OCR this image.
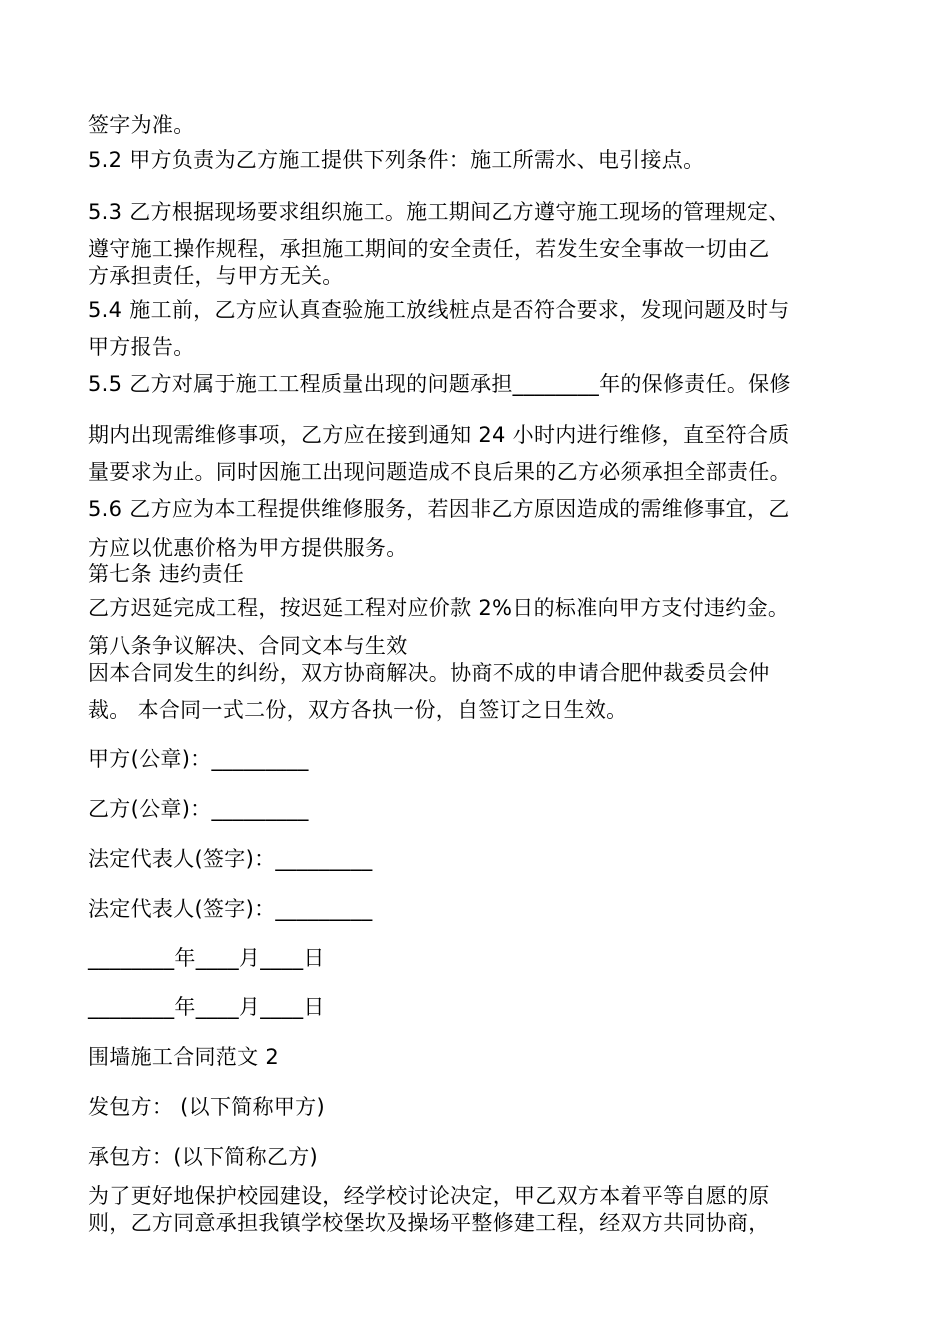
签字为准。

5.2 甲方负责为乙方施工提供下列条件：施工所需水、电引接点。

5.3 乙方根据现场要求组织施工。施工期间乙方遵守施工现场的管理规定、

遵守施工操作规程，承担施工期间的安全责任，若发生安全事故一切由乙

方承担责任，与甲方无关。

5.4 施工前，乙方应认真查验施工放线桩点是否符合要求，发现问题及时与

甲方报告。

5.5 乙方对属于施工工程质量出现的问题承担________年的保修责任。保修

期内出现需维修事项，乙方应在接到通知 24 小时内进行维修，直至符合质

量要求为止。同时因施工出现问题造成不良后果的乙方必须承担全部责任。

5.6 乙方应为本工程提供维修服务，若因非乙方原因造成的需维修事宜，乙

方应以优惠价格为甲方提供服务。

第七条 违约责任

乙方迟延完成工程，按迟延工程对应价款 2%日的标准向甲方支付违约金。

第八条争议解决、合同文本与生效

因本合同发生的纠纷，双方协商解决。协商不成的申请合肥仲裁委员会仲

裁。 本合同一式二份，双方各执一份，自签订之日生效。

甲方(公章)：_________

乙方(公章)：_________

法定代表人(签字)：_________

法定代表人(签字)：_________

________年____月____日

________年____月____日

围墙施工合同范文 2

发包方： (以下简称甲方)

承包方：(以下简称乙方)

为了更好地保护校园建设，经学校讨论决定，甲乙双方本着平等自愿的原

则，乙方同意承担我镇学校堡坎及操场平整修建工程，经双方共同协商，
